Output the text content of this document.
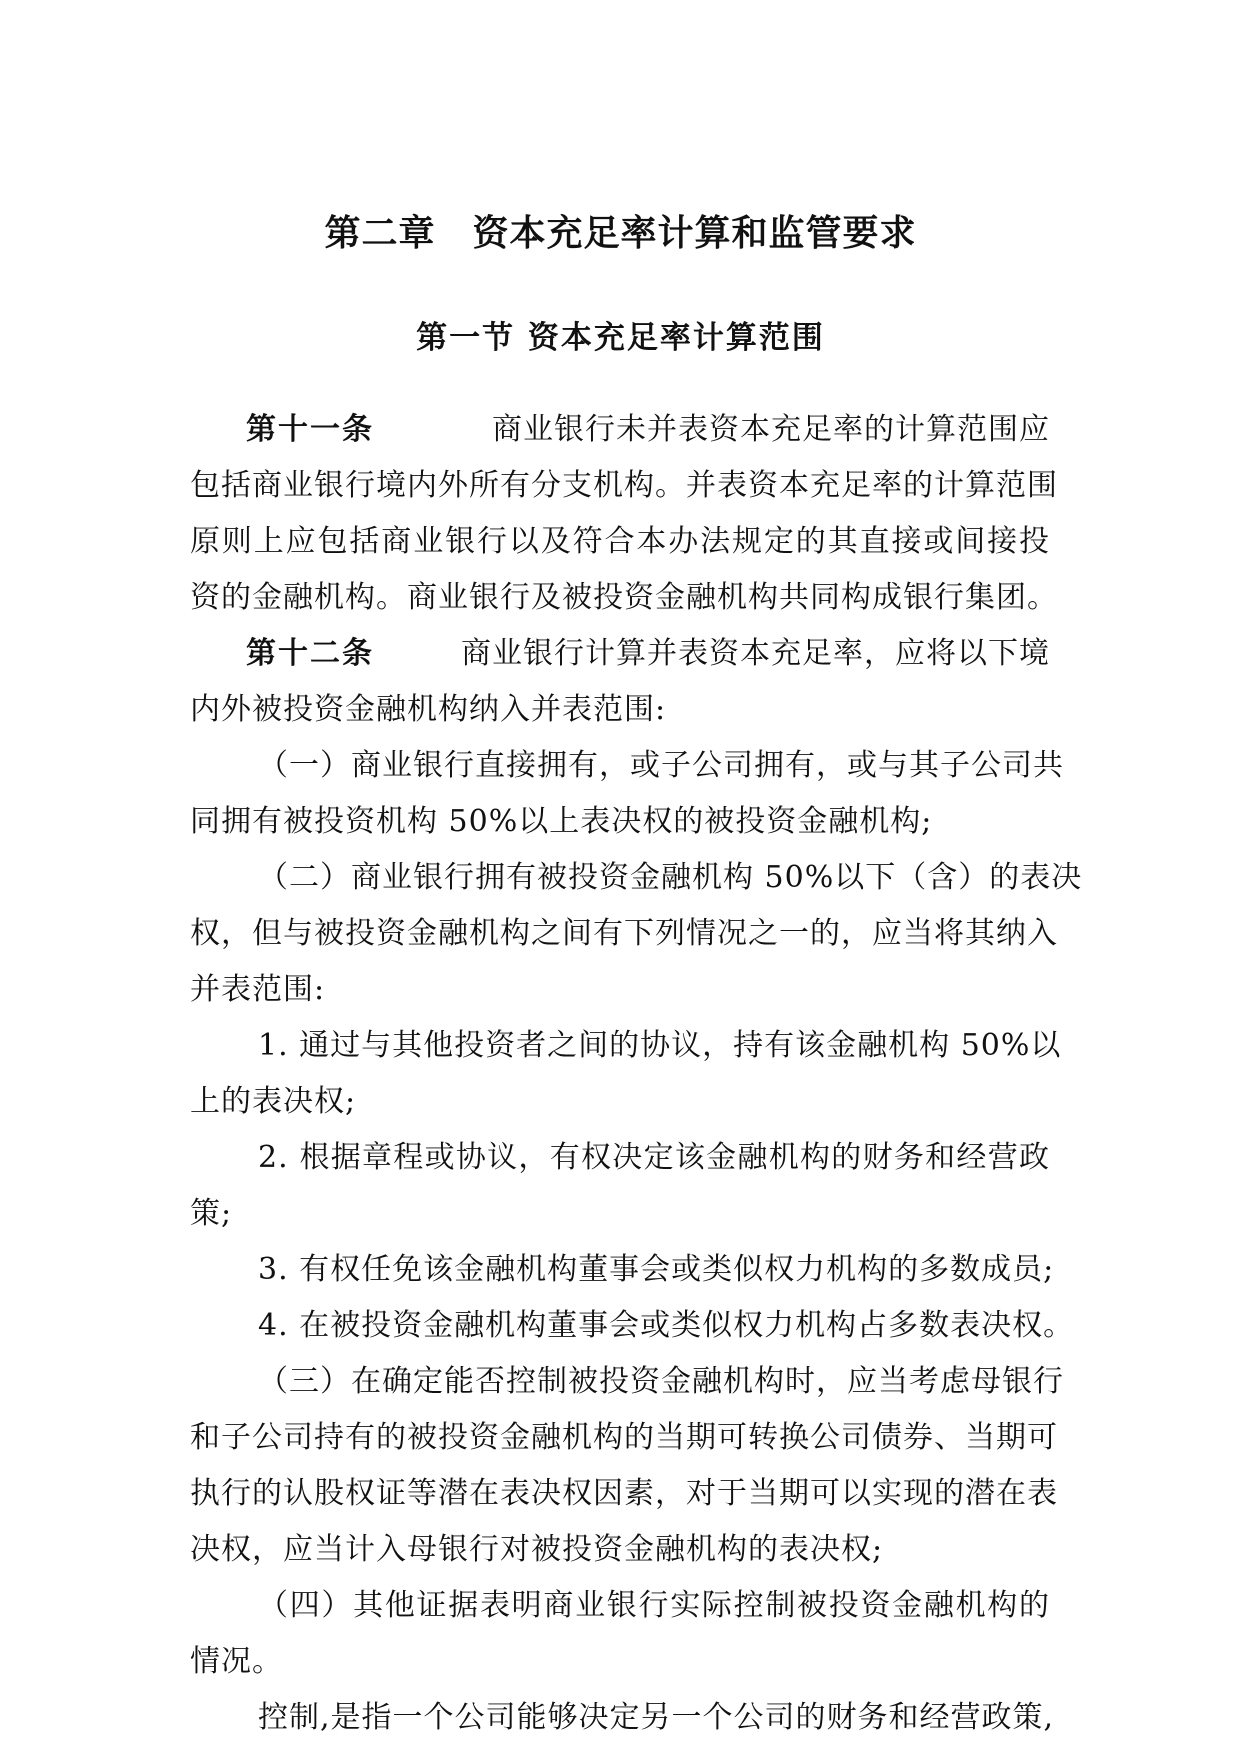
第二章　资本充足率计算和监管要求
第一节 资本充足率计算范围
第十一条	商业银行未并表资本充足率的计算范围应
包括商业银行境内外所有分支机构。并表资本充足率的计算范围
原则上应包括商业银行以及符合本办法规定的其直接或间接投
资的金融机构。商业银行及被投资金融机构共同构成银行集团。
第十二条	商业银行计算并表资本充足率，应将以下境
内外被投资金融机构纳入并表范围:
（一）商业银行直接拥有，或子公司拥有，或与其子公司共
同拥有被投资机构 50%以上表决权的被投资金融机构;
（二）商业银行拥有被投资金融机构 50%以下（含）的表决
权，但与被投资金融机构之间有下列情况之一的，应当将其纳入
并表范围:
1. 通过与其他投资者之间的协议，持有该金融机构 50%以
上的表决权;
2. 根据章程或协议，有权决定该金融机构的财务和经营政
策;
3. 有权任免该金融机构董事会或类似权力机构的多数成员;
4. 在被投资金融机构董事会或类似权力机构占多数表决权。
（三）在确定能否控制被投资金融机构时，应当考虑母银行
和子公司持有的被投资金融机构的当期可转换公司债券、当期可
执行的认股权证等潜在表决权因素，对于当期可以实现的潜在表
决权，应当计入母银行对被投资金融机构的表决权;
（四）其他证据表明商业银行实际控制被投资金融机构的
情况。
控制,是指一个公司能够决定另一个公司的财务和经营政策,
